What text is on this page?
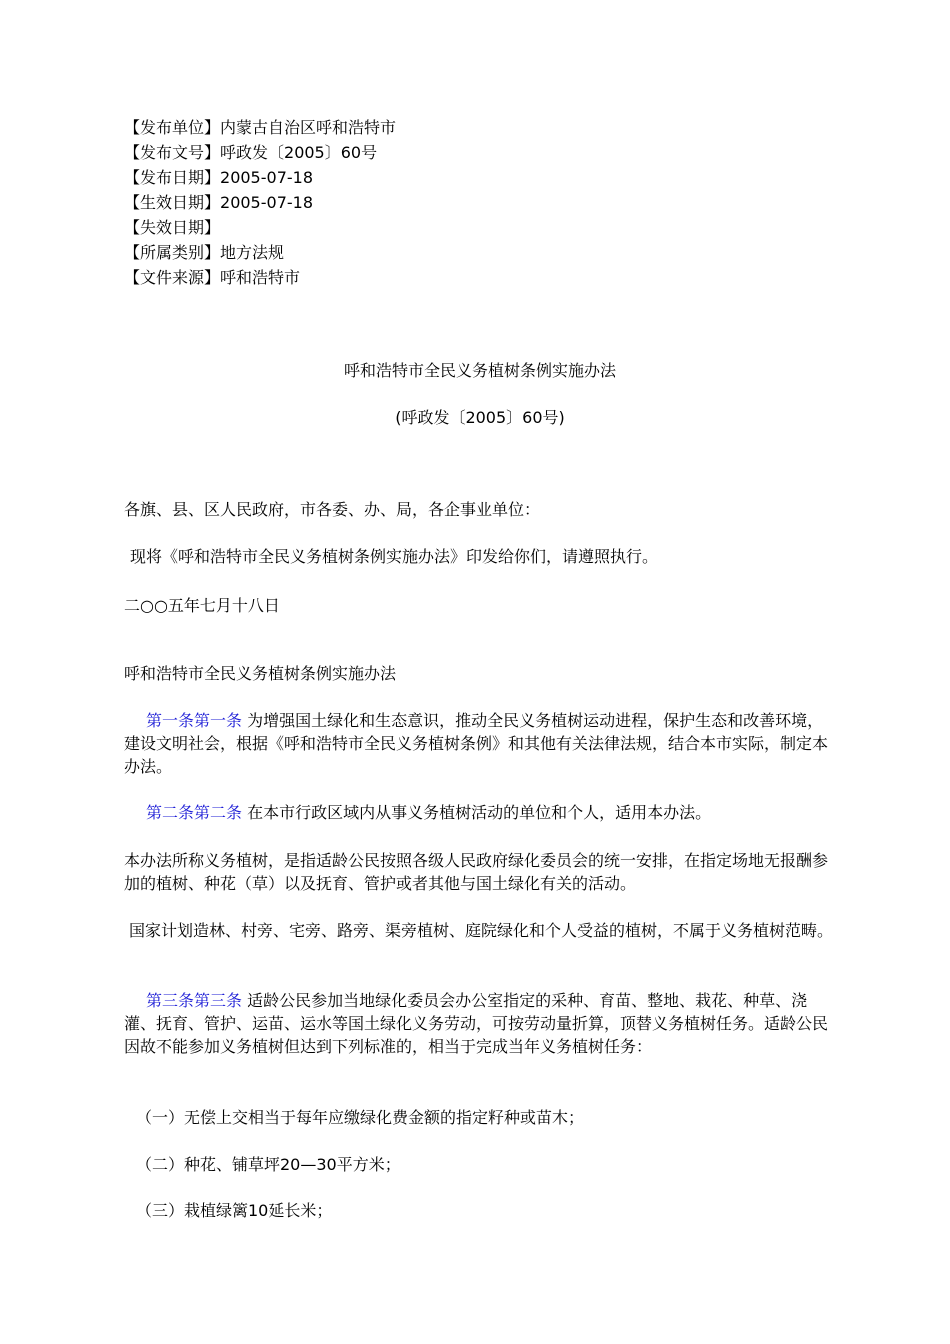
【发布单位】内蒙古自治区呼和浩特市
【发布文号】呼政发〔2005〕60号
【发布日期】2005-07-18
【生效日期】2005-07-18
【失效日期】
【所属类别】地方法规
【文件来源】呼和浩特市
呼和浩特市全民义务植树条例实施办法
(呼政发〔2005〕60号)
各旗、县、区人民政府，市各委、办、局，各企事业单位：
现将《呼和浩特市全民义务植树条例实施办法》印发给你们，请遵照执行。
二○○五年七月十八日
呼和浩特市全民义务植树条例实施办法
第一条第一条 为增强国土绿化和生态意识，推动全民义务植树运动进程，保护生态和改善环境，建设文明社会，根据《呼和浩特市全民义务植树条例》和其他有关法律法规，结合本市实际，制定本办法。
第二条第二条 在本市行政区域内从事义务植树活动的单位和个人，适用本办法。
本办法所称义务植树，是指适龄公民按照各级人民政府绿化委员会的统一安排，在指定场地无报酬参加的植树、种花（草）以及抚育、管护或者其他与国土绿化有关的活动。
国家计划造林、村旁、宅旁、路旁、渠旁植树、庭院绿化和个人受益的植树，不属于义务植树范畴。
第三条第三条 适龄公民参加当地绿化委员会办公室指定的采种、育苗、整地、栽花、种草、浇灌、抚育、管护、运苗、运水等国土绿化义务劳动，可按劳动量折算，顶替义务植树任务。适龄公民因故不能参加义务植树但达到下列标准的，相当于完成当年义务植树任务：
（一）无偿上交相当于每年应缴绿化费金额的指定籽种或苗木；
（二）种花、铺草坪20—30平方米；
（三）栽植绿篱10延长米；
